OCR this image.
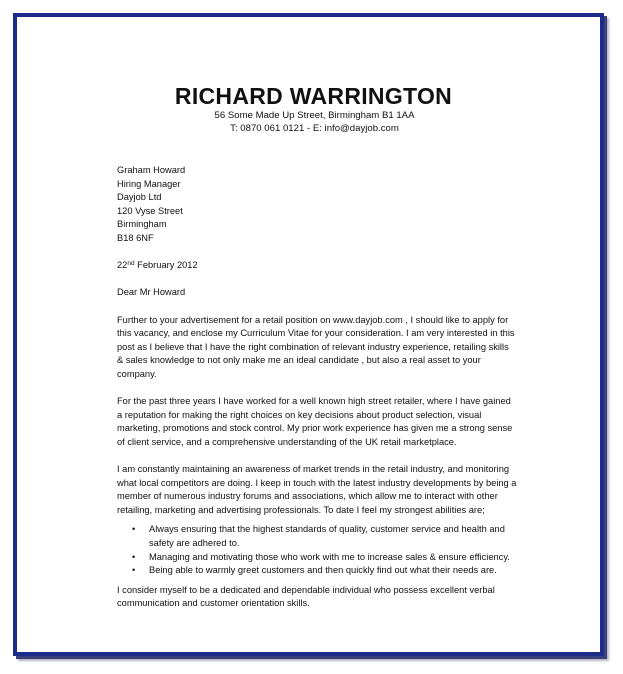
RICHARD WARRINGTON
56 Some Made Up Street, Birmingham B1 1AA
T: 0870 061 0121 - E: info@dayjob.com
Graham Howard
Hiring Manager
Dayjob Ltd
120 Vyse Street
Birmingham
B18 6NF
22nd February 2012
Dear Mr Howard
Further to your advertisement for a retail position on www.dayjob.com , I should like to apply for this vacancy, and enclose my Curriculum Vitae for your consideration. I am very interested in this post as I believe that I have the right combination of relevant industry experience, retailing skills & sales knowledge to not only make me an ideal candidate , but also a real asset to your company.
For the past three years I have worked for a well known high street retailer, where I have gained a reputation for making the right choices on key decisions about product selection, visual marketing, promotions and stock control. My prior work experience has given me a strong sense of client service, and a comprehensive understanding of the UK retail marketplace.
I am constantly maintaining an awareness of market trends in the retail industry, and monitoring what local competitors are doing. I keep in touch with the latest industry developments by being a member of numerous industry forums and associations, which allow me to interact with other retailing, marketing and advertising professionals. To date I feel my strongest abilities are;
• Always ensuring that the highest standards of quality, customer service and health and safety are adhered to.
• Managing and motivating those who work with me to increase sales & ensure efficiency.
• Being able to warmly greet customers and then quickly find out what their needs are.
I consider myself to be a dedicated and dependable individual who possess excellent verbal communication and customer orientation skills.
